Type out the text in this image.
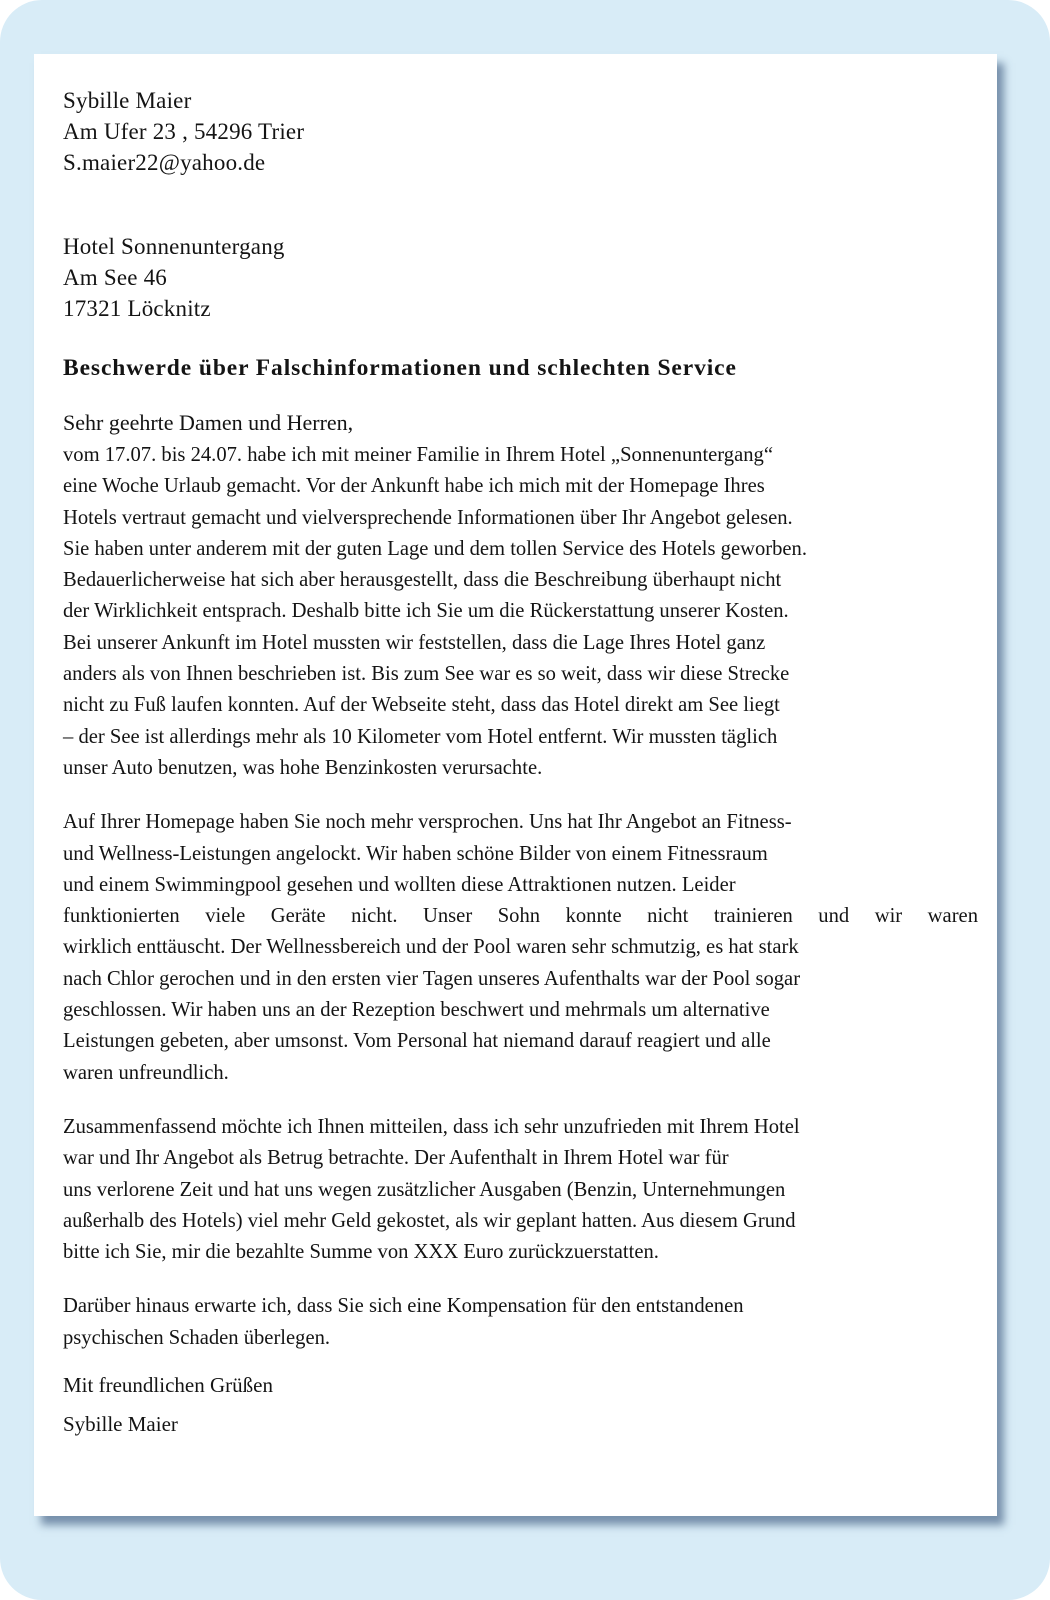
Sybille Maier
Am Ufer 23 , 54296 Trier
S.maier22@yahoo.de
Hotel Sonnenuntergang
Am See 46
17321 Löcknitz
Beschwerde über Falschinformationen und schlechten Service
Sehr geehrte Damen und Herren,
vom 17.07. bis 24.07. habe ich mit meiner Familie in Ihrem Hotel „Sonnenuntergang“
eine Woche Urlaub gemacht. Vor der Ankunft habe ich mich mit der Homepage Ihres
Hotels vertraut gemacht und vielversprechende Informationen über Ihr Angebot gelesen.
Sie haben unter anderem mit der guten Lage und dem tollen Service des Hotels geworben.
Bedauerlicherweise hat sich aber herausgestellt, dass die Beschreibung überhaupt nicht
der Wirklichkeit entsprach. Deshalb bitte ich Sie um die Rückerstattung unserer Kosten.
Bei unserer Ankunft im Hotel mussten wir feststellen, dass die Lage Ihres Hotel ganz
anders als von Ihnen beschrieben ist. Bis zum See war es so weit, dass wir diese Strecke
nicht zu Fuß laufen konnten. Auf der Webseite steht, dass das Hotel direkt am See liegt
– der See ist allerdings mehr als 10 Kilometer vom Hotel entfernt. Wir mussten täglich
unser Auto benutzen, was hohe Benzinkosten verursachte.
Auf Ihrer Homepage haben Sie noch mehr versprochen. Uns hat Ihr Angebot an Fitness-
und Wellness-Leistungen angelockt. Wir haben schöne Bilder von einem Fitnessraum
und einem Swimmingpool gesehen und wollten diese Attraktionen nutzen. Leider
funktionierten viele Geräte nicht. Unser Sohn konnte nicht trainieren und wir waren
wirklich enttäuscht. Der Wellnessbereich und der Pool waren sehr schmutzig, es hat stark
nach Chlor gerochen und in den ersten vier Tagen unseres Aufenthalts war der Pool sogar
geschlossen. Wir haben uns an der Rezeption beschwert und mehrmals um alternative
Leistungen gebeten, aber umsonst. Vom Personal hat niemand darauf reagiert und alle
waren unfreundlich.
Zusammenfassend möchte ich Ihnen mitteilen, dass ich sehr unzufrieden mit Ihrem Hotel
war und Ihr Angebot als Betrug betrachte. Der Aufenthalt in Ihrem Hotel war für
uns verlorene Zeit und hat uns wegen zusätzlicher Ausgaben (Benzin, Unternehmungen
außerhalb des Hotels) viel mehr Geld gekostet, als wir geplant hatten. Aus diesem Grund
bitte ich Sie, mir die bezahlte Summe von XXX Euro zurückzuerstatten.
Darüber hinaus erwarte ich, dass Sie sich eine Kompensation für den entstandenen
psychischen Schaden überlegen.
Mit freundlichen Grüßen
Sybille Maier
